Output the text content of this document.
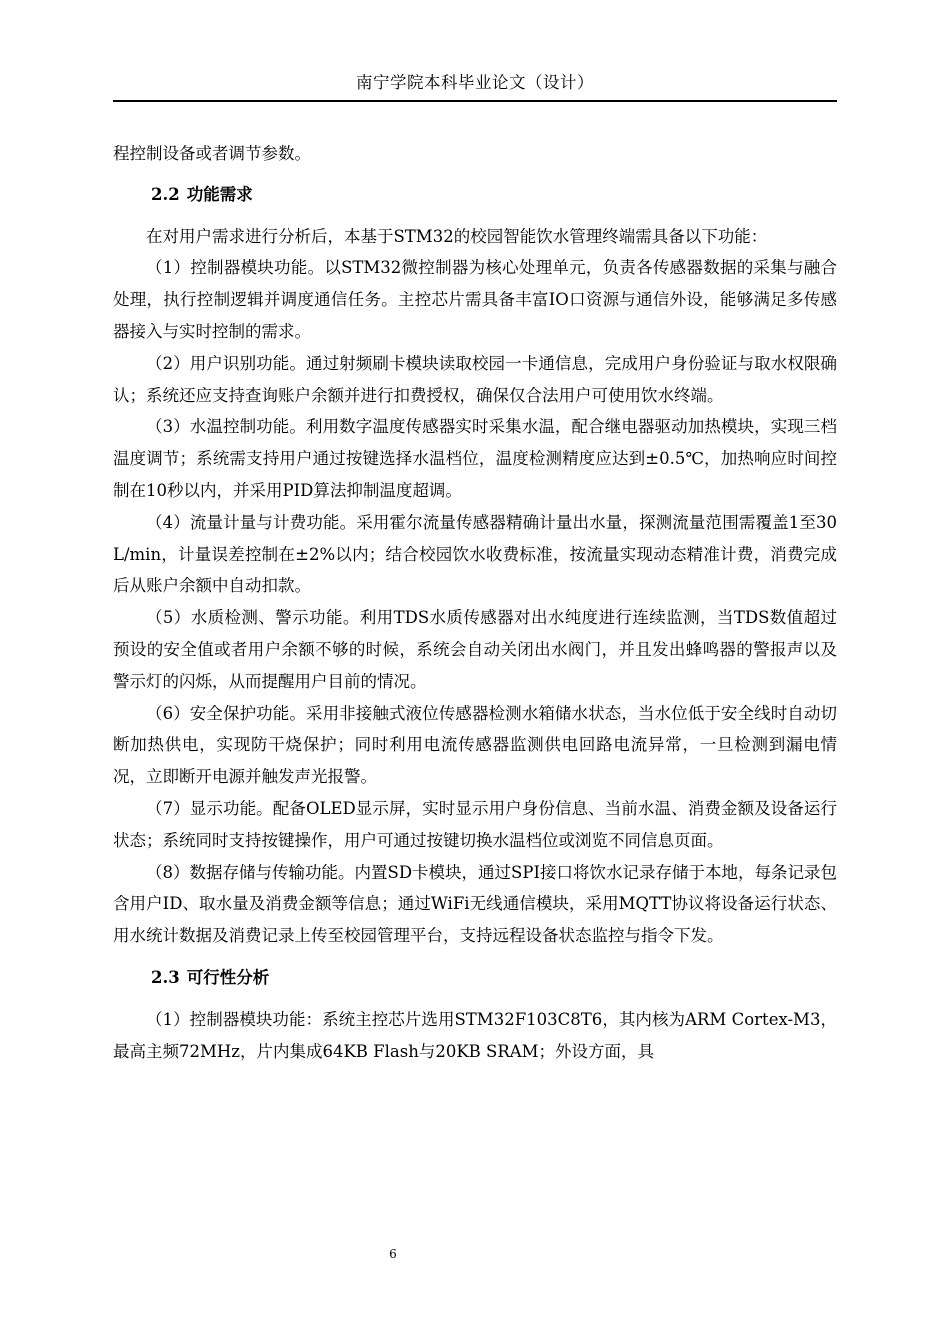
南宁学院本科毕业论文（设计）

程控制设备或者调节参数。

2.2 功能需求

在对用户需求进行分析后，本基于STM32的校园智能饮水管理终端需具备以下功能：

（1）控制器模块功能。以STM32微控制器为核心处理单元，负责各传感器数据的采集与融合处理，执行控制逻辑并调度通信任务。主控芯片需具备丰富IO口资源与通信外设，能够满足多传感器接入与实时控制的需求。

（2）用户识别功能。通过射频刷卡模块读取校园一卡通信息，完成用户身份验证与取水权限确认；系统还应支持查询账户余额并进行扣费授权，确保仅合法用户可使用饮水终端。

（3）水温控制功能。利用数字温度传感器实时采集水温，配合继电器驱动加热模块，实现三档温度调节；系统需支持用户通过按键选择水温档位，温度检测精度应达到±0.5℃，加热响应时间控制在10秒以内，并采用PID算法抑制温度超调。

（4）流量计量与计费功能。采用霍尔流量传感器精确计量出水量，探测流量范围需覆盖1至30 L/min，计量误差控制在±2%以内；结合校园饮水收费标准，按流量实现动态精准计费，消费完成后从账户余额中自动扣款。

（5）水质检测、警示功能。利用TDS水质传感器对出水纯度进行连续监测，当TDS数值超过预设的安全值或者用户余额不够的时候，系统会自动关闭出水阀门，并且发出蜂鸣器的警报声以及警示灯的闪烁，从而提醒用户目前的情况。

（6）安全保护功能。采用非接触式液位传感器检测水箱储水状态，当水位低于安全线时自动切断加热供电，实现防干烧保护；同时利用电流传感器监测供电回路电流异常，一旦检测到漏电情况，立即断开电源并触发声光报警。

（7）显示功能。配备OLED显示屏，实时显示用户身份信息、当前水温、消费金额及设备运行状态；系统同时支持按键操作，用户可通过按键切换水温档位或浏览不同信息页面。

（8）数据存储与传输功能。内置SD卡模块，通过SPI接口将饮水记录存储于本地，每条记录包含用户ID、取水量及消费金额等信息；通过WiFi无线通信模块，采用MQTT协议将设备运行状态、用水统计数据及消费记录上传至校园管理平台，支持远程设备状态监控与指令下发。

2.3 可行性分析

（1）控制器模块功能：系统主控芯片选用STM32F103C8T6，其内核为ARM Cortex-M3，最高主频72MHz，片内集成64KB Flash与20KB SRAM；外设方面，具

6
